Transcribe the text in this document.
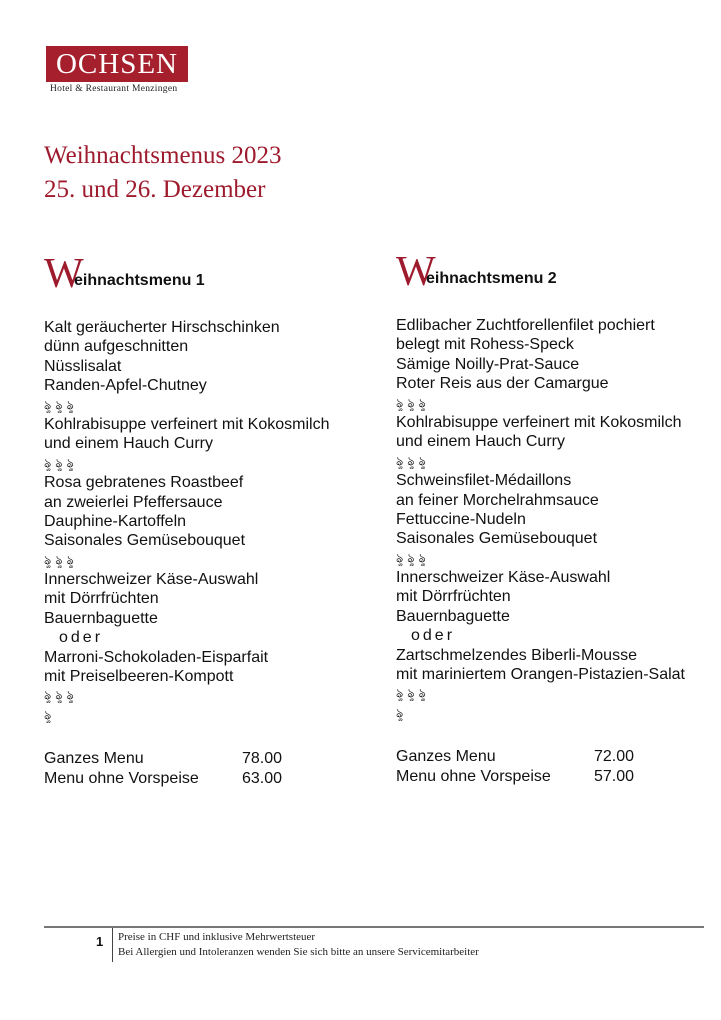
OCHSEN
Hotel & Restaurant Menzingen
Weihnachtsmenus 2023
25. und 26. Dezember
W
eihnachtsmenu 1
Kalt geräucherter Hirschschinken
dünn aufgeschnitten
Nüsslisalat
Randen-Apfel-Chutney
ৡৡৡ
Kohlrabisuppe verfeinert mit Kokosmilch
und einem Hauch Curry
ৡৡৡ
Rosa gebratenes Roastbeef
an zweierlei Pfeffersauce
Dauphine-Kartoffeln
Saisonales Gemüsebouquet
ৡৡৡ
Innerschweizer Käse-Auswahl
mit Dörrfrüchten
Bauernbaguette
oder
Marroni-Schokoladen-Eisparfait
mit Preiselbeeren-Kompott
ৡৡৡ
ৡ
Ganzes Menu	78.00
Menu ohne Vorspeise	63.00
W
eihnachtsmenu 2
Edlibacher Zuchtforellenfilet pochiert
belegt mit Rohess-Speck
Sämige Noilly-Prat-Sauce
Roter Reis aus der Camargue
ৡৡৡ
Kohlrabisuppe verfeinert mit Kokosmilch
und einem Hauch Curry
ৡৡৡ
Schweinsfilet-Médaillons
an feiner Morchelrahmsauce
Fettuccine-Nudeln
Saisonales Gemüsebouquet
ৡৡৡ
Innerschweizer Käse-Auswahl
mit Dörrfrüchten
Bauernbaguette
oder
Zartschmelzendes Biberli-Mousse
mit mariniertem Orangen-Pistazien-Salat
ৡৡৡ
ৡ
Ganzes Menu	72.00
Menu ohne Vorspeise	57.00
1 Preise in CHF und inklusive Mehrwertsteuer
Bei Allergien und Intoleranzen wenden Sie sich bitte an unsere Servicemitarbeiter
